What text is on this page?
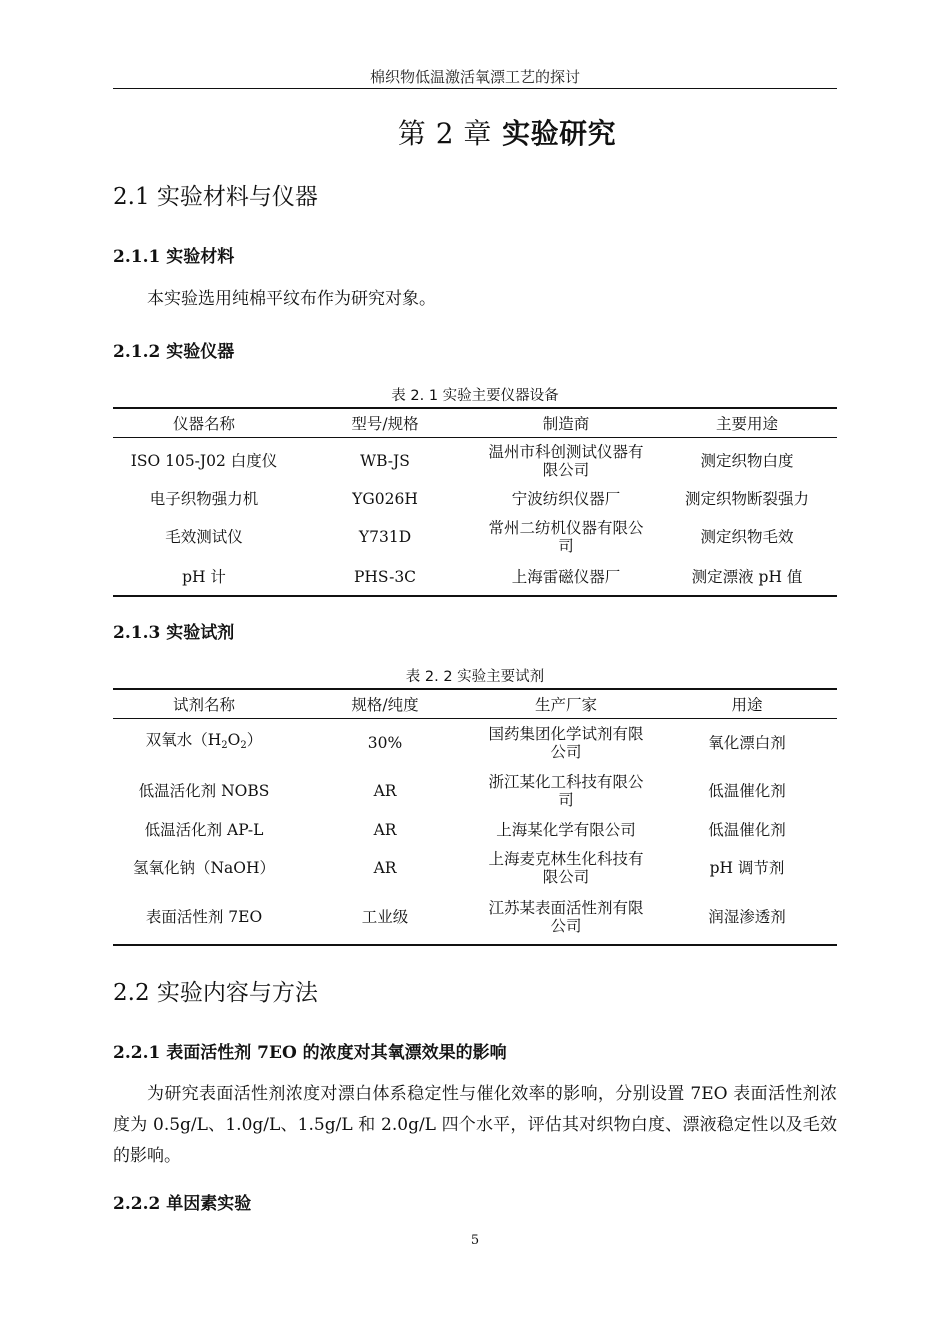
棉织物低温激活氧漂工艺的探讨
第 2 章 实验研究
2.1 实验材料与仪器
2.1.1 实验材料
本实验选用纯棉平纹布作为研究对象。
2.1.2 实验仪器
表 2. 1 实验主要仪器设备
仪器名称	型号/规格	制造商	主要用途
ISO 105-J02 白度仪	WB-JS	温州市科创测试仪器有限公司	测定织物白度
电子织物强力机	YG026H	宁波纺织仪器厂	测定织物断裂强力
毛效测试仪	Y731D	常州二纺机仪器有限公司	测定织物毛效
pH 计	PHS-3C	上海雷磁仪器厂	测定漂液 pH 值
2.1.3 实验试剂
表 2. 2 实验主要试剂
试剂名称	规格/纯度	生产厂家	用途
双氧水$(H_2O_2)$	30%	国药集团化学试剂有限公司	氧化漂白剂
低温活化剂 NOBS	AR	浙江某化工科技有限公司	低温催化剂
低温活化剂 AP-L	AR	上海某化学有限公司	低温催化剂
氢氧化钠（NaOH）	AR	上海麦克林生化科技有限公司	pH 调节剂
表面活性剂 7EO	工业级	江苏某表面活性剂有限公司	润湿渗透剂
2.2 实验内容与方法
2.2.1 表面活性剂 7EO 的浓度对其氧漂效果的影响
为研究表面活性剂浓度对漂白体系稳定性与催化效率的影响，分别设置 7EO 表面活性剂浓度为 0.5g/L、1.0g/L、1.5g/L 和 2.0g/L 四个水平，评估其对织物白度、漂液稳定性以及毛效的影响。
2.2.2 单因素实验
5
